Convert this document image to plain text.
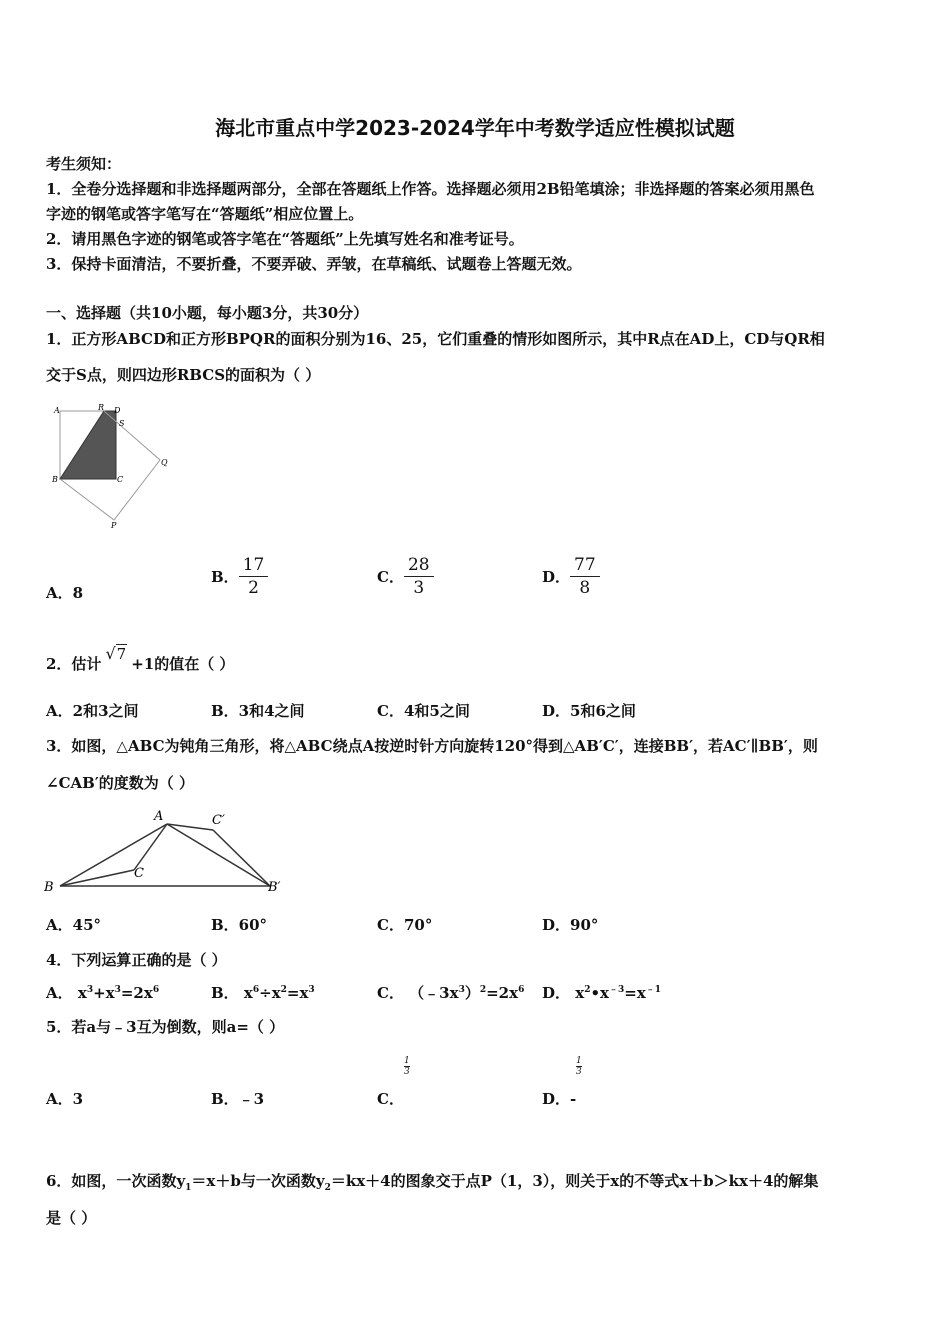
海北市重点中学2023-2024学年中考数学适应性模拟试题
考生须知：
1．全卷分选择题和非选择题两部分，全部在答题纸上作答。选择题必须用2B铅笔填涂；非选择题的答案必须用黑色
字迹的钢笔或答字笔写在“答题纸”相应位置上。
2．请用黑色字迹的钢笔或答字笔在“答题纸”上先填写姓名和准考证号。
3．保持卡面清洁，不要折叠，不要弄破、弄皱，在草稿纸、试题卷上答题无效。
一、选择题（共10小题，每小题3分，共30分）
1．正方形ABCD和正方形BPQR的面积分别为16、25，它们重叠的情形如图所示，其中R点在AD上，CD与QR相
交于S点，则四边形RBCS的面积为（ ）
A	R D
S
Q
B	C
P
A．8
B． $\frac{17}{2}$	C． $\frac{28}{3}$	D． $\frac{77}{8}$
2．估计√7+1的值在（ ）
A．2和3之间	B．3和4之间	C．4和5之间	D．5和6之间
3．如图，△ABC为钝角三角形，将△ABC绕点A按逆时针方向旋转120°得到△AB′C′，连接BB′，若AC′∥BB′，则
∠CAB′的度数为（ ）
A	C′
C
B	B′
A．45°	B．60°	C．70°	D．90°
4．下列运算正确的是（ ）
A． $x^3+x^3=2x^6$	B． $x^6\div x^2=x^3$	C． $(﹣3x^3)^2=2x^6$ D． $x^2•x^{﹣3}=x^{﹣1}$
5．若a与﹣3互为倒数，则a=（ ）
A．3	B．﹣3	C．
$\frac{1}{3}$
D．-
$\frac{1}{3}$
6．如图，一次函数$y_1=x+b$与一次函数$y_2=kx+4$的图象交于点P（1，3），则关于x的不等式x＋b＞kx＋4的解集
是（ ）
